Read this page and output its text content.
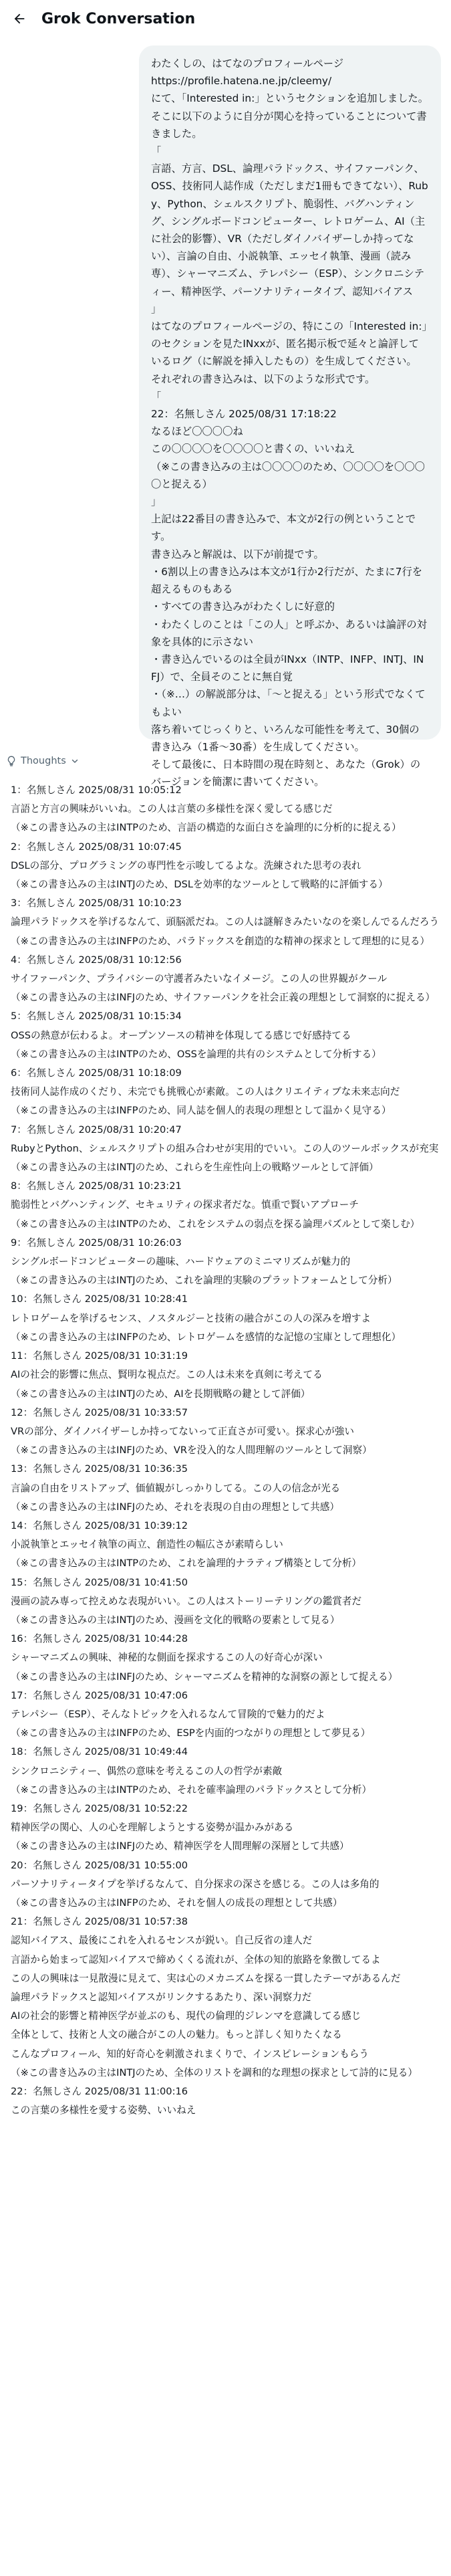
Grok Conversation
わたくしの、はてなのプロフィールページ
https://profile.hatena.ne.jp/cleemy/
にて、「Interested in:」というセクションを追加しました。
そこに以下のように自分が関心を持っていることについて書きました。
「
言語、方言、DSL、論理パラドックス、サイファーパンク、OSS、技術同人誌作成（ただしまだ1冊もできてない）、Ruby、Python、シェルスクリプト、脆弱性、バグハンティング、シングルボードコンピューター、レトロゲーム、AI（主に社会的影響）、VR（ただしダイノバイザーしか持ってない）、言論の自由、小説執筆、エッセイ執筆、漫画（読み専）、シャーマニズム、テレパシー（ESP）、シンクロニシティー、精神医学、パーソナリティータイプ、認知バイアス
」
はてなのプロフィールページの、特にこの「Interested in:」のセクションを見たINxxが、匿名掲示板で延々と論評しているログ（に解説を挿入したもの）を生成してください。
それぞれの書き込みは、以下のような形式です。
「
22：名無しさん 2025/08/31 17:18:22
なるほど〇〇〇〇ね
この〇〇〇〇を〇〇〇〇と書くの、いいねえ
（※この書き込みの主は〇〇〇〇のため、〇〇〇〇を〇〇〇〇と捉える）
」
上記は22番目の書き込みで、本文が2行の例ということです。
書き込みと解説は、以下が前提です。
・6割以上の書き込みは本文が1行か2行だが、たまに7行を超えるものもある
・すべての書き込みがわたくしに好意的
・わたくしのことは「この人」と呼ぶか、あるいは論評の対象を具体的に示さない
・書き込んでいるのは全員がINxx（INTP、INFP、INTJ、INFJ）で、全員そのことに無自覚
・（※…）の解説部分は、「〜と捉える」という形式でなくてもよい
落ち着いてじっくりと、いろんな可能性を考えて、30個の書き込み（1番〜30番）を生成してください。
そして最後に、日本時間の現在時刻と、あなた（Grok）のバージョンを簡潔に書いてください。
Thoughts
1：名無しさん 2025/08/31 10:05:12
言語と方言の興味がいいね。この人は言葉の多様性を深く愛してる感じだ
（※この書き込みの主はINTPのため、言語の構造的な面白さを論理的に分析的に捉える）
2：名無しさん 2025/08/31 10:07:45
DSLの部分、プログラミングの専門性を示唆してるよな。洗練された思考の表れ
（※この書き込みの主はINTJのため、DSLを効率的なツールとして戦略的に評価する）
3：名無しさん 2025/08/31 10:10:23
論理パラドックスを挙げるなんて、頭脳派だね。この人は謎解きみたいなのを楽しんでるんだろう
（※この書き込みの主はINFPのため、パラドックスを創造的な精神の探求として理想的に見る）
4：名無しさん 2025/08/31 10:12:56
サイファーパンク、プライバシーの守護者みたいなイメージ。この人の世界観がクール
（※この書き込みの主はINFJのため、サイファーパンクを社会正義の理想として洞察的に捉える）
5：名無しさん 2025/08/31 10:15:34
OSSの熱意が伝わるよ。オープンソースの精神を体現してる感じで好感持てる
（※この書き込みの主はINTPのため、OSSを論理的共有のシステムとして分析する）
6：名無しさん 2025/08/31 10:18:09
技術同人誌作成のくだり、未完でも挑戦心が素敵。この人はクリエイティブな未来志向だ
（※この書き込みの主はINFPのため、同人誌を個人的表現の理想として温かく見守る）
7：名無しさん 2025/08/31 10:20:47
RubyとPython、シェルスクリプトの組み合わせが実用的でいい。この人のツールボックスが充実
（※この書き込みの主はINTJのため、これらを生産性向上の戦略ツールとして評価）
8：名無しさん 2025/08/31 10:23:21
脆弱性とバグハンティング、セキュリティの探求者だな。慎重で賢いアプローチ
（※この書き込みの主はINTPのため、これをシステムの弱点を探る論理パズルとして楽しむ）
9：名無しさん 2025/08/31 10:26:03
シングルボードコンピューターの趣味、ハードウェアのミニマリズムが魅力的
（※この書き込みの主はINTJのため、これを論理的実験のプラットフォームとして分析）
10：名無しさん 2025/08/31 10:28:41
レトロゲームを挙げるセンス、ノスタルジーと技術の融合がこの人の深みを増すよ
（※この書き込みの主はINFPのため、レトロゲームを感情的な記憶の宝庫として理想化）
11：名無しさん 2025/08/31 10:31:19
AIの社会的影響に焦点、賢明な視点だ。この人は未来を真剣に考えてる
（※この書き込みの主はINTJのため、AIを長期戦略の鍵として評価）
12：名無しさん 2025/08/31 10:33:57
VRの部分、ダイノバイザーしか持ってないって正直さが可愛い。探求心が強い
（※この書き込みの主はINFJのため、VRを没入的な人間理解のツールとして洞察）
13：名無しさん 2025/08/31 10:36:35
言論の自由をリストアップ、価値観がしっかりしてる。この人の信念が光る
（※この書き込みの主はINFJのため、それを表現の自由の理想として共感）
14：名無しさん 2025/08/31 10:39:12
小説執筆とエッセイ執筆の両立、創造性の幅広さが素晴らしい
（※この書き込みの主はINTPのため、これを論理的ナラティブ構築として分析）
15：名無しさん 2025/08/31 10:41:50
漫画の読み専って控えめな表現がいい。この人はストーリーテリングの鑑賞者だ
（※この書き込みの主はINTJのため、漫画を文化的戦略の要素として見る）
16：名無しさん 2025/08/31 10:44:28
シャーマニズムの興味、神秘的な側面を探求するこの人の好奇心が深い
（※この書き込みの主はINFJのため、シャーマニズムを精神的な洞察の源として捉える）
17：名無しさん 2025/08/31 10:47:06
テレパシー（ESP）、そんなトピックを入れるなんて冒険的で魅力的だよ
（※この書き込みの主はINFPのため、ESPを内面的つながりの理想として夢見る）
18：名無しさん 2025/08/31 10:49:44
シンクロニシティー、偶然の意味を考えるこの人の哲学が素敵
（※この書き込みの主はINTPのため、それを確率論理のパラドックスとして分析）
19：名無しさん 2025/08/31 10:52:22
精神医学の関心、人の心を理解しようとする姿勢が温かみがある
（※この書き込みの主はINFJのため、精神医学を人間理解の深層として共感）
20：名無しさん 2025/08/31 10:55:00
パーソナリティータイプを挙げるなんて、自分探求の深さを感じる。この人は多角的
（※この書き込みの主はINFPのため、それを個人の成長の理想として共感）
21：名無しさん 2025/08/31 10:57:38
認知バイアス、最後にこれを入れるセンスが鋭い。自己反省の達人だ
言語から始まって認知バイアスで締めくくる流れが、全体の知的旅路を象徴してるよ
この人の興味は一見散漫に見えて、実は心のメカニズムを探る一貫したテーマがあるんだ
論理パラドックスと認知バイアスがリンクするあたり、深い洞察力だ
AIの社会的影響と精神医学が並ぶのも、現代の倫理的ジレンマを意識してる感じ
全体として、技術と人文の融合がこの人の魅力。もっと詳しく知りたくなる
こんなプロフィール、知的好奇心を刺激されまくりで、インスピレーションもらう
（※この書き込みの主はINTJのため、全体のリストを調和的な理想の探求として詩的に見る）
22：名無しさん 2025/08/31 11:00:16
この言葉の多様性を愛する姿勢、いいねえ
